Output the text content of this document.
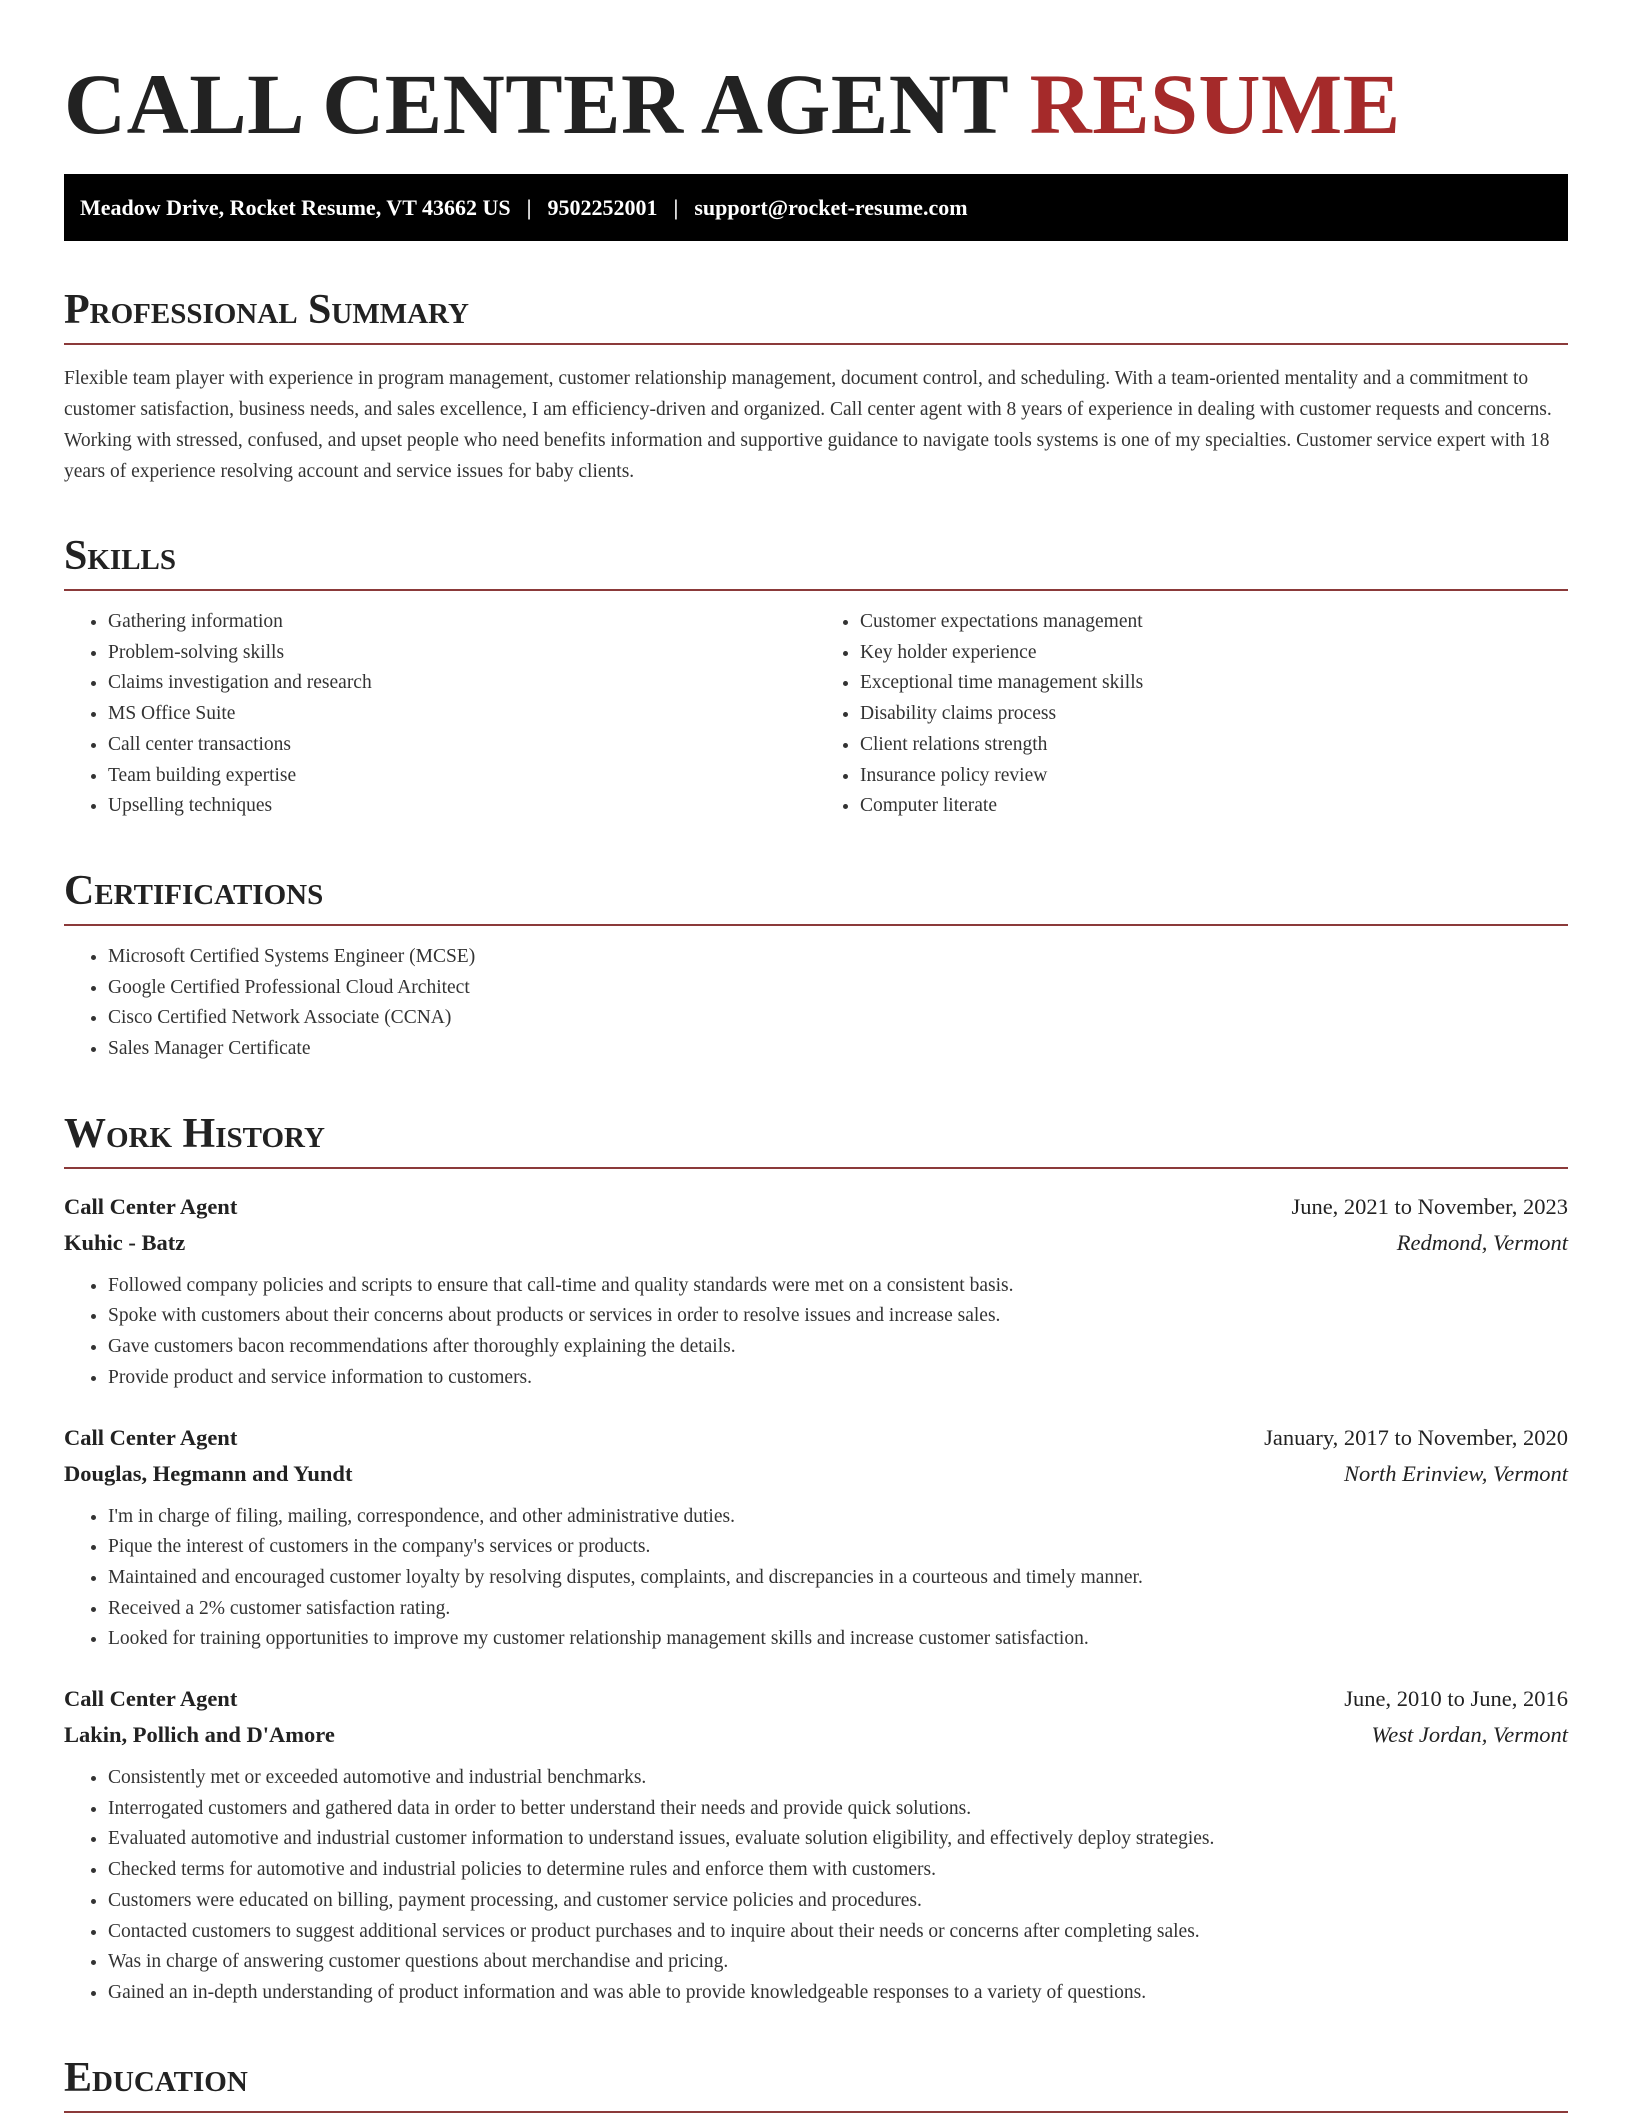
CALL CENTER AGENT RESUME
Meadow Drive, Rocket Resume, VT 43662 US | 9502252001 | support@rocket-resume.com
Professional Summary

Flexible team player with experience in program management, customer relationship management, document control, and scheduling. With a team-oriented mentality and a commitment to customer satisfaction, business needs, and sales excellence, I am efficiency-driven and organized. Call center agent with 8 years of experience in dealing with customer requests and concerns. Working with stressed, confused, and upset people who need benefits information and supportive guidance to navigate tools systems is one of my specialties. Customer service expert with 18 years of experience resolving account and service issues for baby clients.

Skills
• Gathering information
• Problem-solving skills
• Claims investigation and research
• MS Office Suite
• Call center transactions
• Team building expertise
• Upselling techniques
• Customer expectations management
• Key holder experience
• Exceptional time management skills
• Disability claims process
• Client relations strength
• Insurance policy review
• Computer literate
Certifications
• Microsoft Certified Systems Engineer (MCSE)
• Google Certified Professional Cloud Architect
• Cisco Certified Network Associate (CCNA)
• Sales Manager Certificate
Work History
Call Center Agent	June, 2021 to November, 2023
Kuhic - Batz	Redmond, Vermont
• Followed company policies and scripts to ensure that call-time and quality standards were met on a consistent basis.
• Spoke with customers about their concerns about products or services in order to resolve issues and increase sales.
• Gave customers bacon recommendations after thoroughly explaining the details.
• Provide product and service information to customers.
Call Center Agent	January, 2017 to November, 2020
Douglas, Hegmann and Yundt	North Erinview, Vermont
• I'm in charge of filing, mailing, correspondence, and other administrative duties.
• Pique the interest of customers in the company's services or products.
• Maintained and encouraged customer loyalty by resolving disputes, complaints, and discrepancies in a courteous and timely manner.
• Received a 2% customer satisfaction rating.
• Looked for training opportunities to improve my customer relationship management skills and increase customer satisfaction.
Call Center Agent	June, 2010 to June, 2016
Lakin, Pollich and D'Amore	West Jordan, Vermont
• Consistently met or exceeded automotive and industrial benchmarks.
• Interrogated customers and gathered data in order to better understand their needs and provide quick solutions.
• Evaluated automotive and industrial customer information to understand issues, evaluate solution eligibility, and effectively deploy strategies.
• Checked terms for automotive and industrial policies to determine rules and enforce them with customers.
• Customers were educated on billing, payment processing, and customer service policies and procedures.
• Contacted customers to suggest additional services or product purchases and to inquire about their needs or concerns after completing sales.
• Was in charge of answering customer questions about merchandise and pricing.
• Gained an in-depth understanding of product information and was able to provide knowledgeable responses to a variety of questions.
Education
